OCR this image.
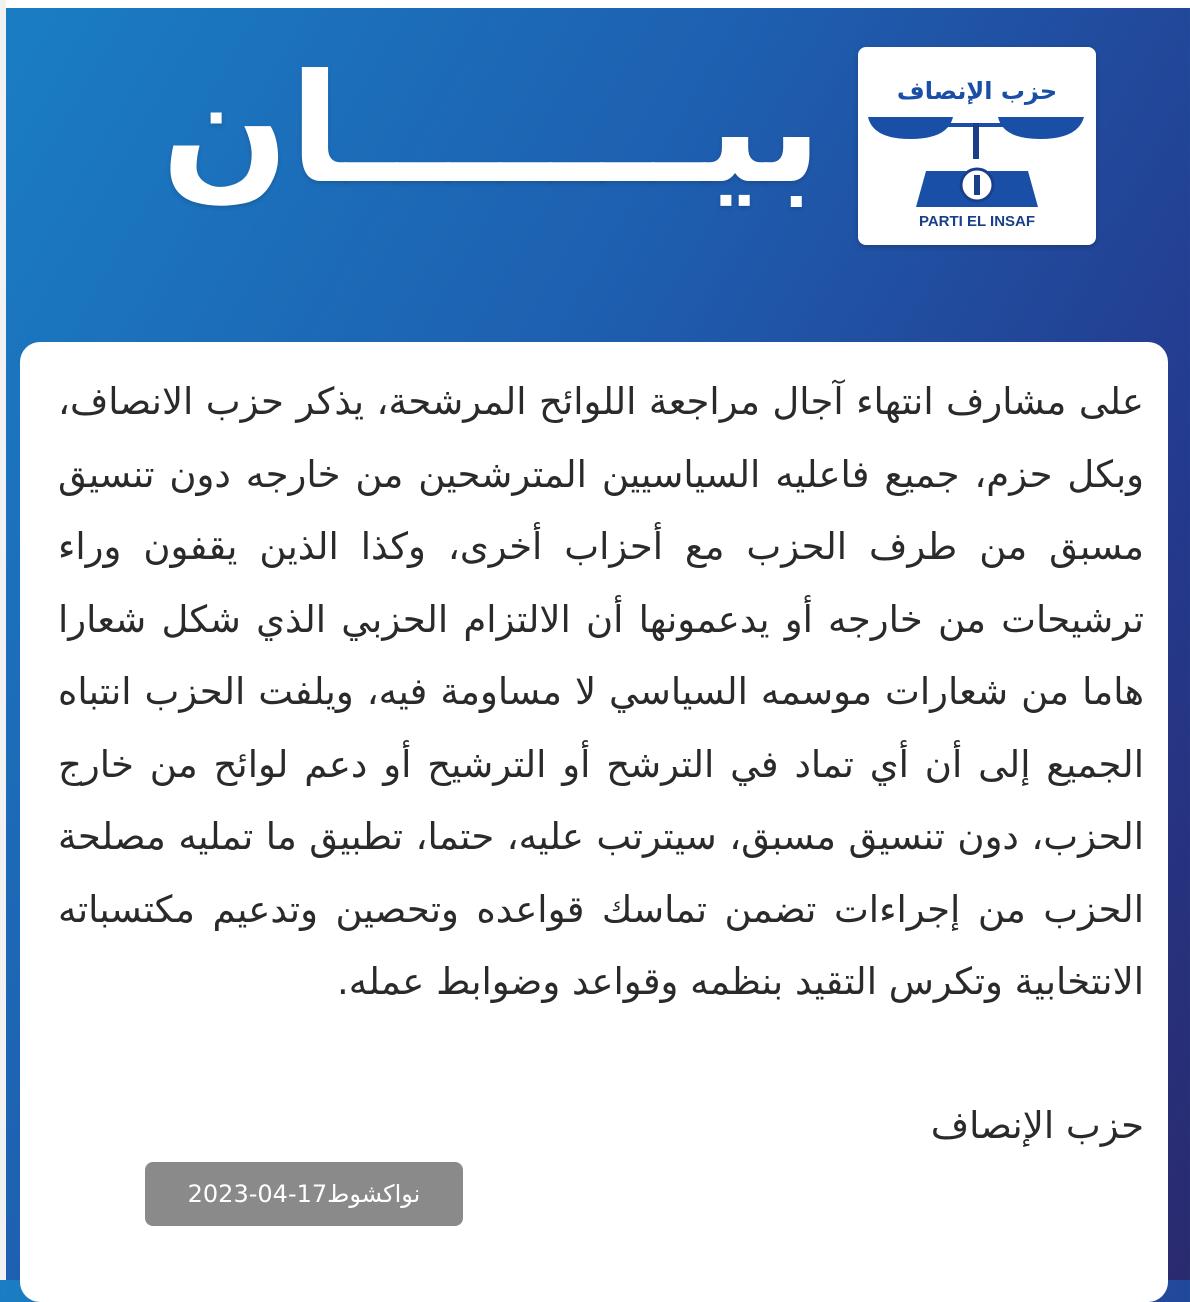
بيـــــــان	حزب الإنصاف
PARTI EL INSAF
على مشارف انتهاء آجال مراجعة اللوائح المرشحة، يذكر حزب الانصاف، وبكل حزم، جميع فاعليه السياسيين المترشحين من خارجه دون تنسيق مسبق من طرف الحزب مع أحزاب أخرى، وكذا الذين يقفون وراء ترشيحات من خارجه أو يدعمونها أن الالتزام الحزبي الذي شكل شعارا هاما من شعارات موسمه السياسي لا مساومة فيه، ويلفت الحزب انتباه الجميع إلى أن أي تماد في الترشح أو الترشيح أو دعم لوائح من خارج الحزب، دون تنسيق مسبق، سيترتب عليه، حتما، تطبيق ما تمليه مصلحة الحزب من إجراءات تضمن تماسك قواعده وتحصين وتدعيم مكتسباته الانتخابية وتكرس التقيد بنظمه وقواعد وضوابط عمله.
حزب الإنصاف
نواكشوط17-04-2023
